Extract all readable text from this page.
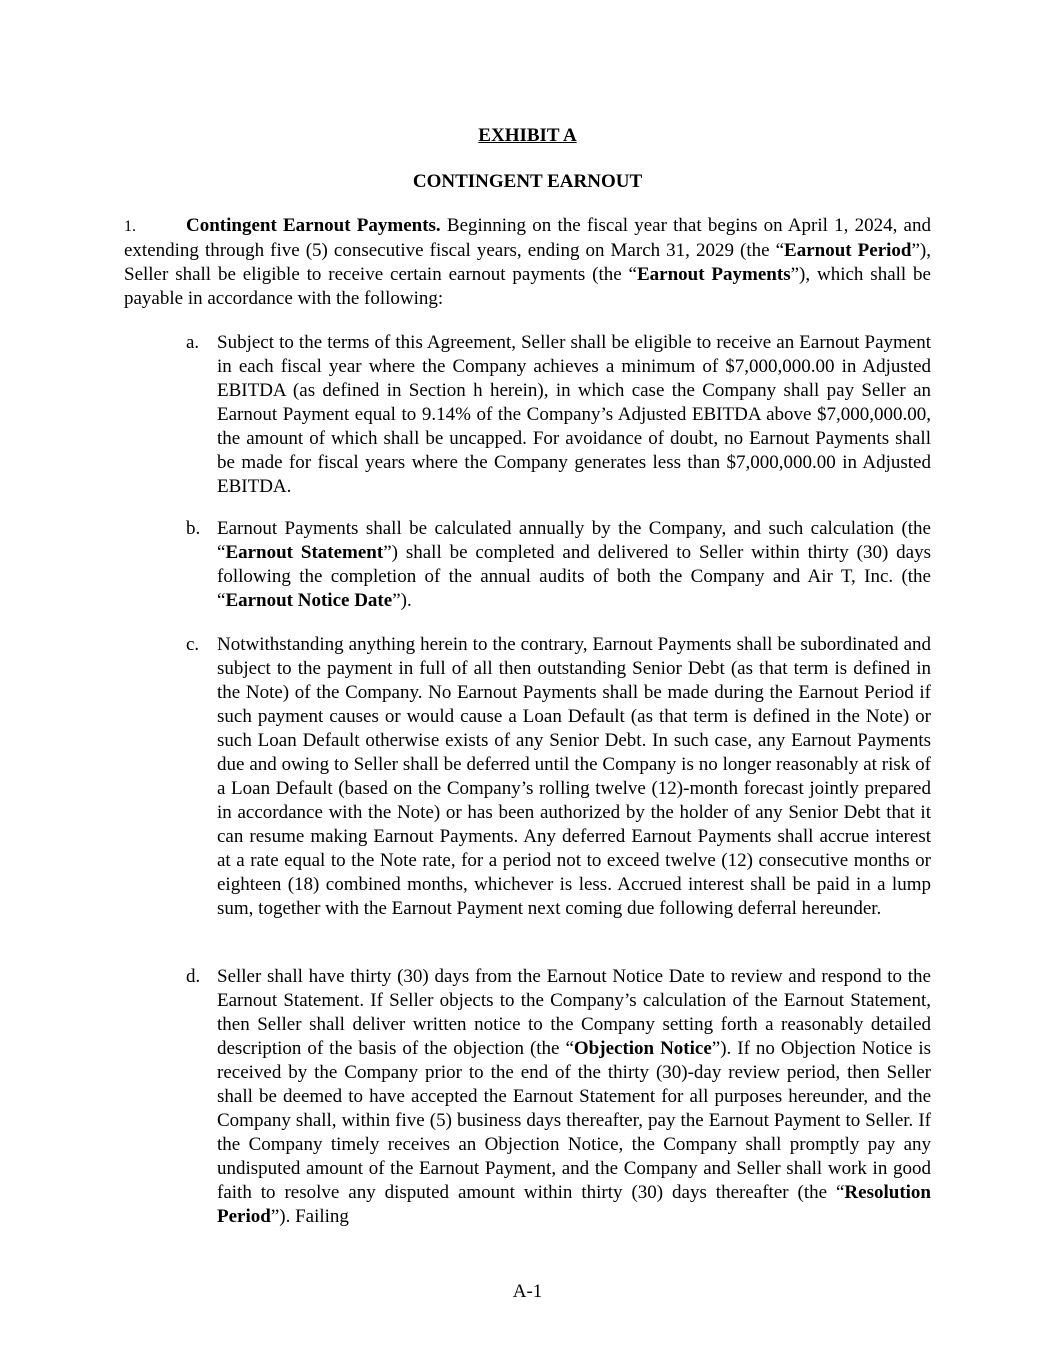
EXHIBIT A
CONTINGENT EARNOUT

1.	Contingent Earnout Payments. Beginning on the fiscal year that begins on April 1, 2024, and extending through five (5) consecutive fiscal years, ending on March 31, 2029 (the “Earnout Period”), Seller shall be eligible to receive certain earnout payments (the “Earnout Payments”), which shall be payable in accordance with the following:

a. Subject to the terms of this Agreement, Seller shall be eligible to receive an Earnout Payment in each fiscal year where the Company achieves a minimum of $7,000,000.00 in Adjusted EBITDA (as defined in Section h herein), in which case the Company shall pay Seller an Earnout Payment equal to 9.14% of the Company’s Adjusted EBITDA above $7,000,000.00, the amount of which shall be uncapped. For avoidance of doubt, no Earnout Payments shall be made for fiscal years where the Company generates less than $7,000,000.00 in Adjusted EBITDA.
b. Earnout Payments shall be calculated annually by the Company, and such calculation (the “Earnout Statement”) shall be completed and delivered to Seller within thirty (30) days following the completion of the annual audits of both the Company and Air T, Inc. (the “Earnout Notice Date”).
c. Notwithstanding anything herein to the contrary, Earnout Payments shall be subordinated and subject to the payment in full of all then outstanding Senior Debt (as that term is defined in the Note) of the Company. No Earnout Payments shall be made during the Earnout Period if such payment causes or would cause a Loan Default (as that term is defined in the Note) or such Loan Default otherwise exists of any Senior Debt. In such case, any Earnout Payments due and owing to Seller shall be deferred until the Company is no longer reasonably at risk of a Loan Default (based on the Company’s rolling twelve (12)-month forecast jointly prepared in accordance with the Note) or has been authorized by the holder of any Senior Debt that it can resume making Earnout Payments. Any deferred Earnout Payments shall accrue interest at a rate equal to the Note rate, for a period not to exceed twelve (12) consecutive months or eighteen (18) combined months, whichever is less. Accrued interest shall be paid in a lump sum, together with the Earnout Payment next coming due following deferral hereunder.
d. Seller shall have thirty (30) days from the Earnout Notice Date to review and respond to the Earnout Statement. If Seller objects to the Company’s calculation of the Earnout Statement, then Seller shall deliver written notice to the Company setting forth a reasonably detailed description of the basis of the objection (the “Objection Notice”). If no Objection Notice is received by the Company prior to the end of the thirty (30)-day review period, then Seller shall be deemed to have accepted the Earnout Statement for all purposes hereunder, and the Company shall, within five (5) business days thereafter, pay the Earnout Payment to Seller. If the Company timely receives an Objection Notice, the Company shall promptly pay any undisputed amount of the Earnout Payment, and the Company and Seller shall work in good faith to resolve any disputed amount within thirty (30) days thereafter (the “Resolution Period”). Failing
A-1
